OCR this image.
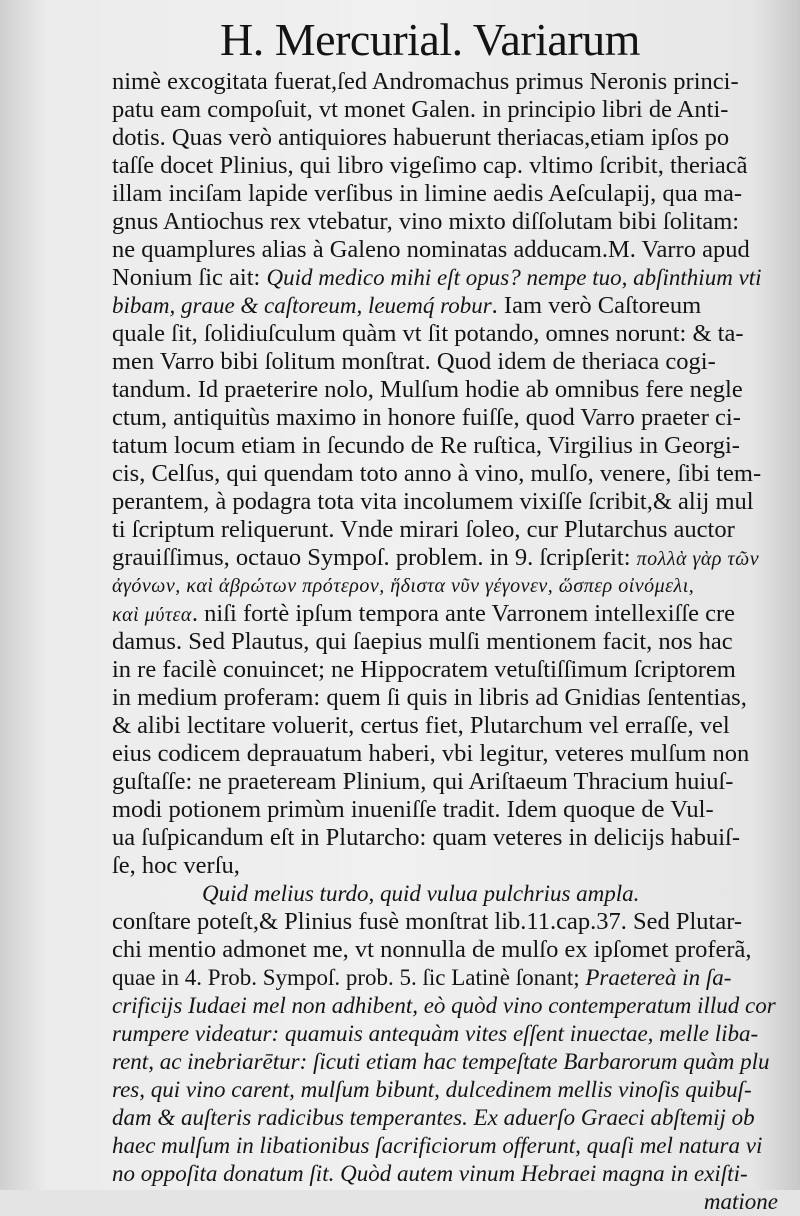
H. Mercurial. Variarum
nimè excogitata fuerat,ſed Andromachus primus Neronis princi-
patu eam compoſuit, vt monet Galen. in principio libri de Anti-
dotis. Quas verò antiquiores habuerunt theriacas,etiam ipſos po
taſſe docet Plinius, qui libro vigeſimo cap. vltimo ſcribit, theriacã
illam inciſam lapide verſibus in limine aedis Aeſculapij, qua ma-
gnus Antiochus rex vtebatur, vino mixto diſſolutam bibi ſolitam:
ne quamplures alias à Galeno nominatas adducam.M. Varro apud
Nonium ſic ait: Quid medico mihi eſt opus? nempe tuo, abſinthium vti
bibam, graue & caſtoreum, leuemq́ robur. Iam verò Caſtoreum
quale ſit, ſolidiuſculum quàm vt ſit potando, omnes norunt: & ta-
men Varro bibi ſolitum monſtrat. Quod idem de theriaca cogi-
tandum. Id praeterire nolo, Mulſum hodie ab omnibus fere negle
ctum, antiquitùs maximo in honore fuiſſe, quod Varro praeter ci-
tatum locum etiam in ſecundo de Re ruſtica, Virgilius in Georgi-
cis, Celſus, qui quendam toto anno à vino, mulſo, venere, ſibi tem-
perantem, à podagra tota vita incolumem vixiſſe ſcribit,& alij mul
ti ſcriptum reliquerunt. Vnde mirari ſoleo, cur Plutarchus auctor
grauiſſimus, octauo Sympoſ. problem. in 9. ſcripſerit: πολλὰ γὰρ τῶν
ἀγόνων, καὶ ἀβρώτων πρότερον, ἥδιστα νῦν γέγονεν, ὥσπερ οἰνόμελι,
καὶ μύτεα. niſi fortè ipſum tempora ante Varronem intellexiſſe cre
damus. Sed Plautus, qui ſaepius mulſi mentionem facit, nos hac
in re facilè conuincet; ne Hippocratem vetuſtiſſimum ſcriptorem
in medium proferam: quem ſi quis in libris ad Gnidias ſententias,
& alibi lectitare voluerit, certus fiet, Plutarchum vel erraſſe, vel
eius codicem deprauatum haberi, vbi legitur, veteres mulſum non
guſtaſſe: ne praeteream Plinium, qui Ariſtaeum Thracium huiuſ-
modi potionem primùm inueniſſe tradit. Idem quoque de Vul-
ua ſuſpicandum eſt in Plutarcho: quam veteres in delicijs habuiſ-
ſe, hoc verſu,
Quid melius turdo, quid vulua pulchrius ampla.
conſtare poteſt,& Plinius fusè monſtrat lib.11.cap.37. Sed Plutar-
chi mentio admonet me, vt nonnulla de mulſo ex ipſomet proferã,
quae in 4. Prob. Sympoſ. prob. 5. ſic Latinè ſonant; Praetereà in ſa-
crificijs Iudaei mel non adhibent, eò quòd vino contemperatum illud cor
rumpere videatur: quamuis antequàm vites eſſent inuectae, melle liba-
rent, ac inebriarētur: ſicuti etiam hac tempeſtate Barbarorum quàm plu
res, qui vino carent, mulſum bibunt, dulcedinem mellis vinoſis quibuſ-
dam & auſteris radicibus temperantes. Ex aduerſo Graeci abſtemij ob
haec mulſum in libationibus ſacrificiorum offerunt, quaſi mel natura vi
no oppoſita donatum ſit. Quòd autem vinum Hebraei magna in exiſti-
matione
